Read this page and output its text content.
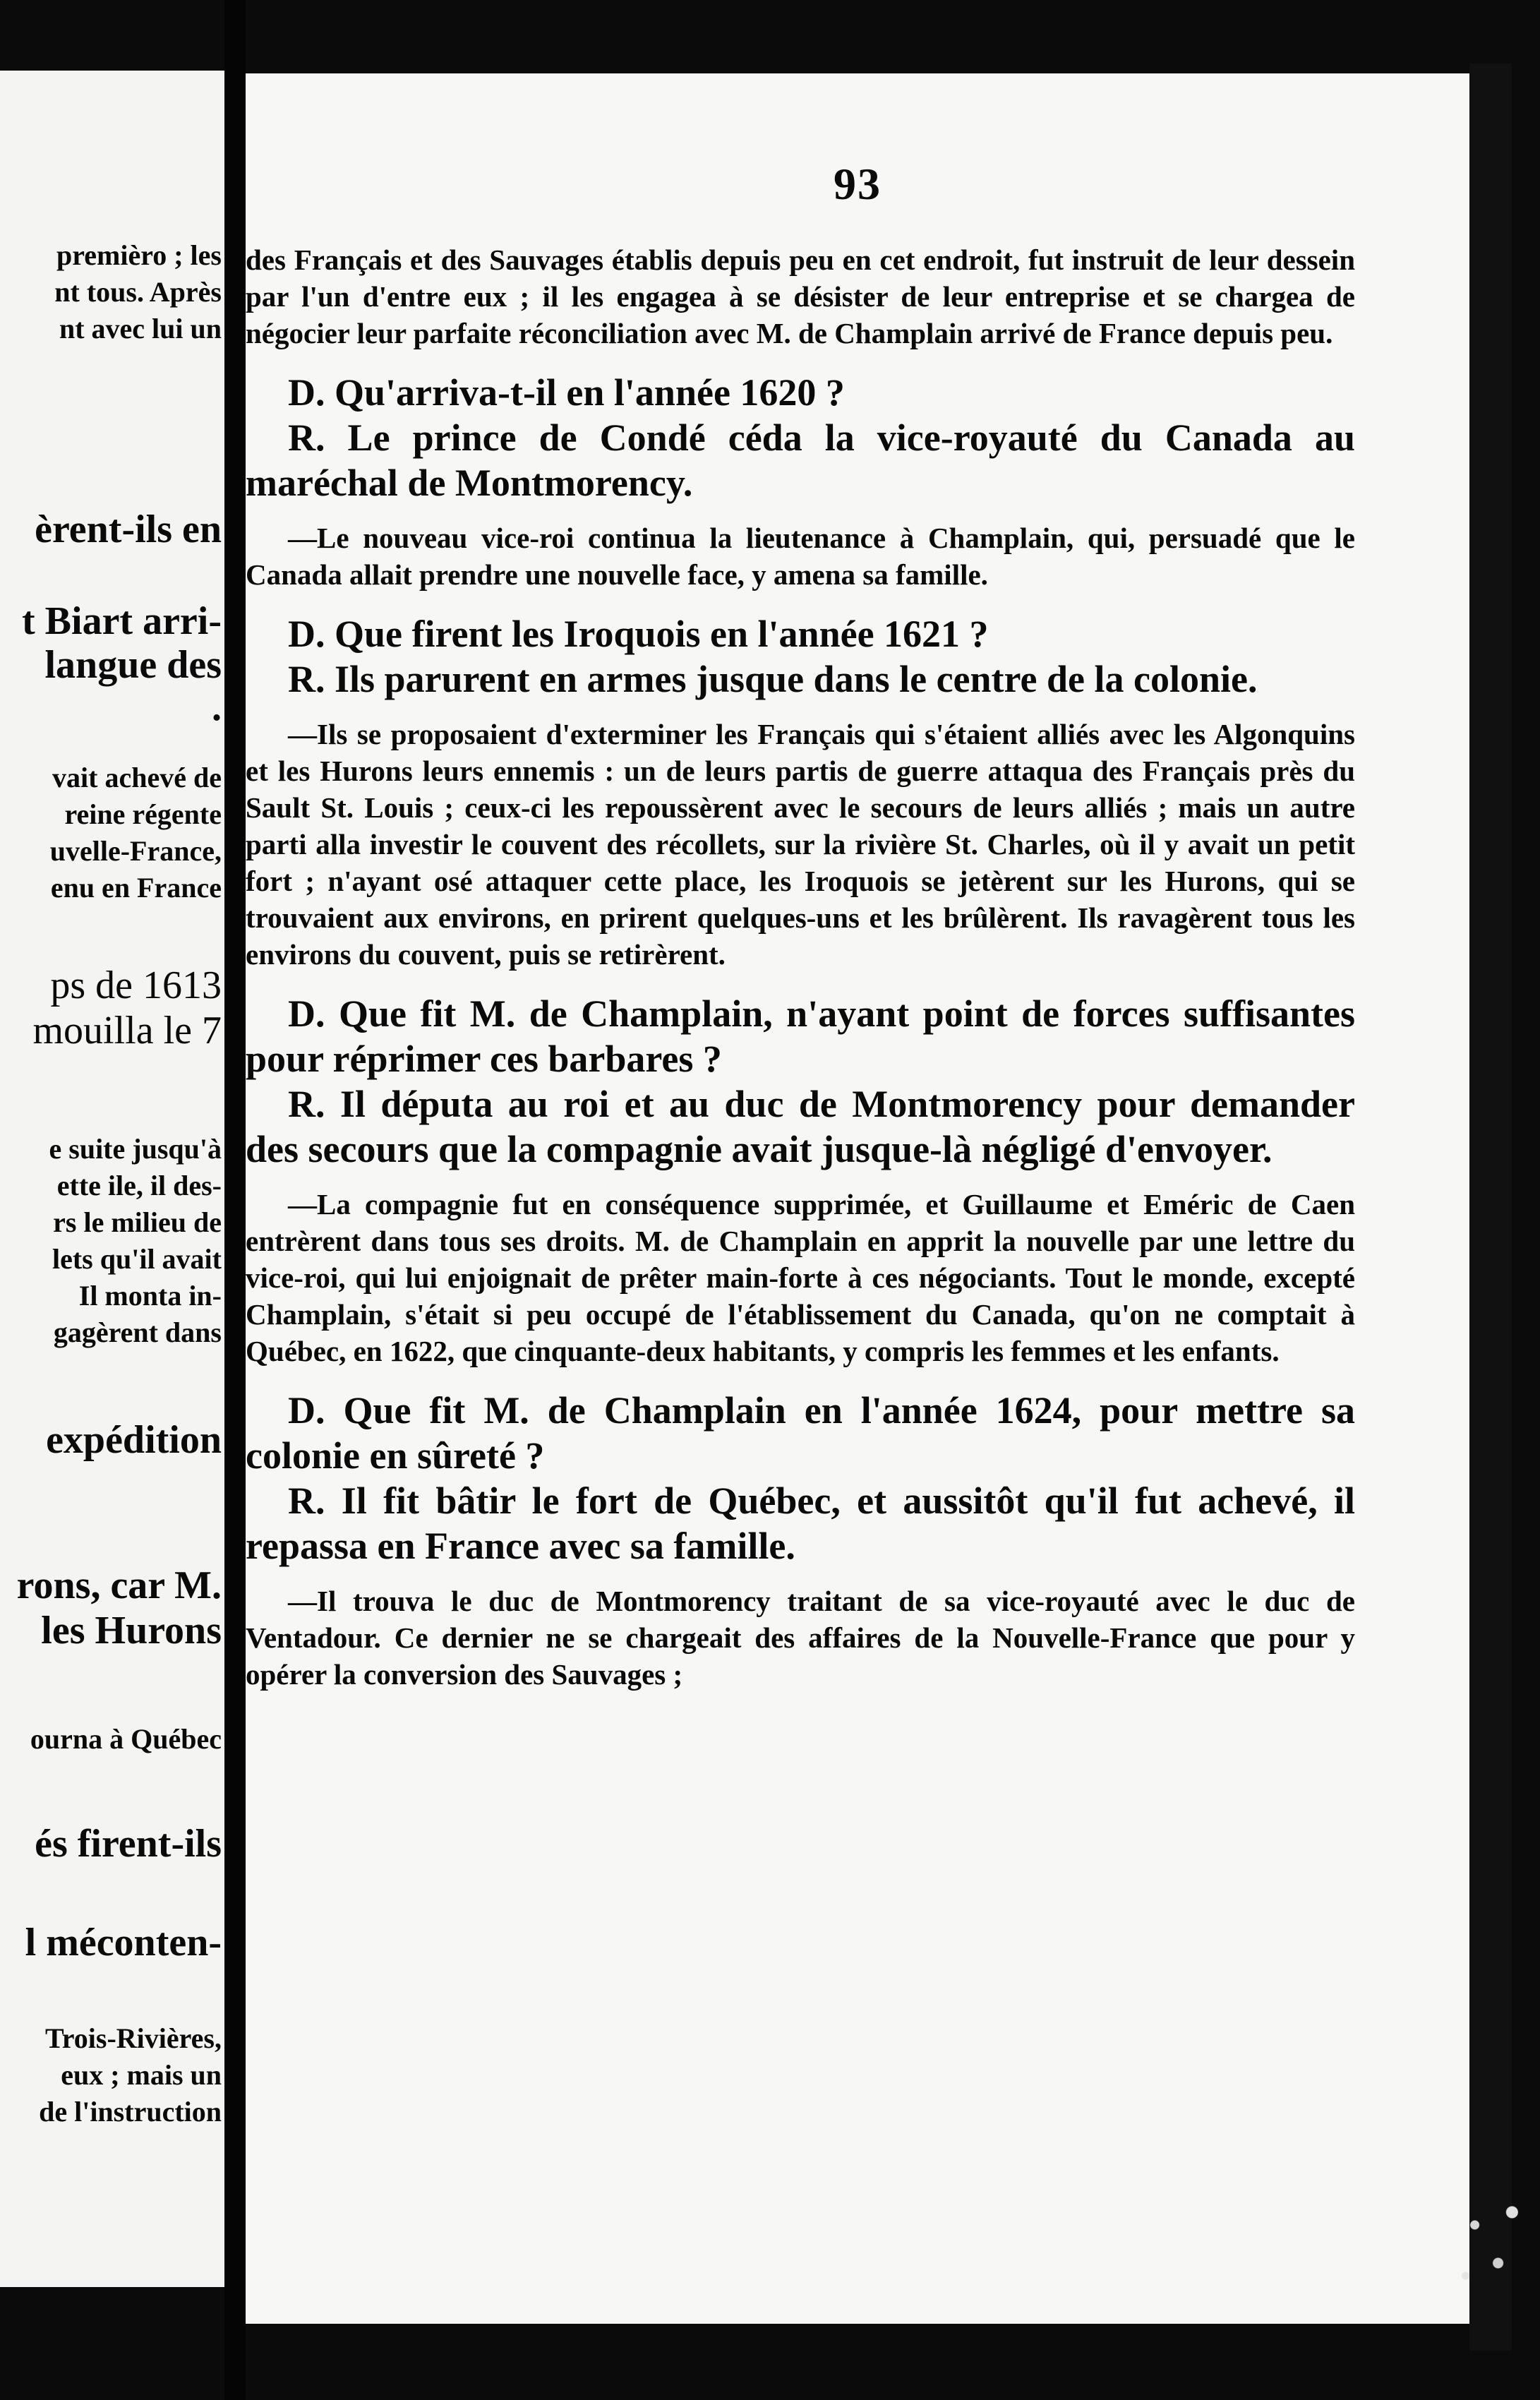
premièro ; les
nt tous. Après
nt avec lui un
èrent-ils en
t Biart arri-
langue des
.
vait achevé de
reine régente
uvelle-France,
enu en France
ps de 1613
mouilla le 7
e suite jusqu'à
ette ile, il des-
rs le milieu de
lets qu'il avait
Il monta in-
gagèrent dans
expédition
rons, car M.
les Hurons
ourna à Québec
és firent-ils
l méconten-
Trois-Rivières,
eux ; mais un
de l'instruction
93

des Français et des Sauvages établis depuis peu en cet endroit, fut instruit de leur dessein par l'un d'entre eux ; il les engagea à se désister de leur entreprise et se chargea de négocier leur parfaite réconciliation avec M. de Champlain arrivé de France depuis peu.

D. Qu'arriva-t-il en l'année 1620 ?

R. Le prince de Condé céda la vice-royauté du Canada au maréchal de Montmorency.

—Le nouveau vice-roi continua la lieutenance à Champlain, qui, persuadé que le Canada allait prendre une nouvelle face, y amena sa famille.

D. Que firent les Iroquois en l'année 1621 ?

R. Ils parurent en armes jusque dans le centre de la colonie.

—Ils se proposaient d'exterminer les Français qui s'étaient alliés avec les Algonquins et les Hurons leurs ennemis : un de leurs partis de guerre attaqua des Français près du Sault St. Louis ; ceux-ci les repoussèrent avec le secours de leurs alliés ; mais un autre parti alla investir le couvent des récollets, sur la rivière St. Charles, où il y avait un petit fort ; n'ayant osé attaquer cette place, les Iroquois se jetèrent sur les Hurons, qui se trouvaient aux environs, en prirent quelques-uns et les brûlèrent. Ils ravagèrent tous les environs du couvent, puis se retirèrent.

D. Que fit M. de Champlain, n'ayant point de forces suffisantes pour réprimer ces barbares ?

R. Il députa au roi et au duc de Montmorency pour demander des secours que la compagnie avait jusque-là négligé d'envoyer.

—La compagnie fut en conséquence supprimée, et Guillaume et Eméric de Caen entrèrent dans tous ses droits. M. de Champlain en apprit la nouvelle par une lettre du vice-roi, qui lui enjoignait de prêter main-forte à ces négociants. Tout le monde, excepté Champlain, s'était si peu occupé de l'établissement du Canada, qu'on ne comptait à Québec, en 1622, que cinquante-deux habitants, y compris les femmes et les enfants.

D. Que fit M. de Champlain en l'année 1624, pour mettre sa colonie en sûreté ?

R. Il fit bâtir le fort de Québec, et aussitôt qu'il fut achevé, il repassa en France avec sa famille.

—Il trouva le duc de Montmorency traitant de sa vice-royauté avec le duc de Ventadour. Ce dernier ne se chargeait des affaires de la Nouvelle-France que pour y opérer la conversion des Sauvages ;
